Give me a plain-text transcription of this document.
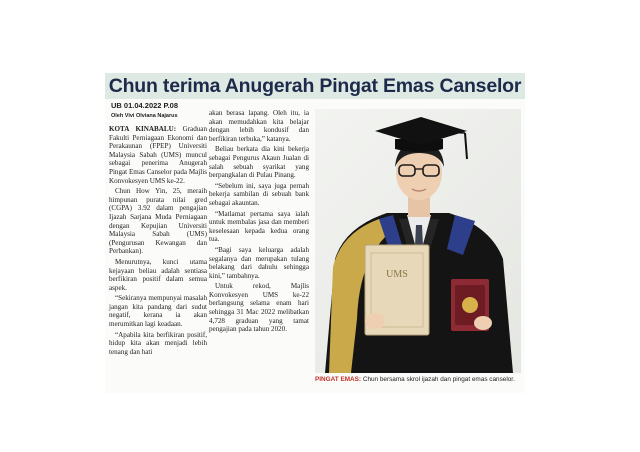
Chun terima Anugerah Pingat Emas Canselor
UB 01.04.2022 P.08
Oleh Vivi Olviana Najarus

KOTA KINABALU: Graduan Fakulti Perniagaan Ekonomi dan Perakaunan (FPEP) Universiti Malaysia Sabah (UMS) muncul sebagai penerima Anugerah Pingat Emas Canselor pada Majlis Konvokesyen UMS ke-22.

Chun How Yin, 25, meraih himpunan purata nilai gred (CGPA) 3.92 dalam pengajian Ijazah Sarjana Muda Perniagaan dengan Kepujian Universiti Malaysia Sabah (UMS) (Pengurusan Kewangan dan Perbankan).

Menurutnya, kunci utama kejayaan beliau adalah sentiasa berfikiran positif dalam semua aspek.

“Sekiranya mempunyai masalah jangan kita pandang dari sudut negatif, kerana ia akan merumitkan lagi keadaan.

“Apabila kita berfikiran positif, hidup kita akan menjadi lebih tenang dan hati

akan berasa lapang. Oleh itu, ia akan memudahkan kita belajar dengan lebih kondusif dan berfikiran terbuka,” katanya.

Beliau berkata dia kini bekerja sebagai Pengurus Akaun Jualan di salah sebuah syarikat yang berpangkalan di Pulau Pinang.

“Sebelum ini, saya juga pernah bekerja sambilan di sebuah bank sebagai akauntan.

“Matlamat pertama saya ialah untuk membalas jasa dan memberi keselesaan kepada kedua orang tua.

“Bagi saya keluarga adalah segalanya dan merupakan tulang belakang dari dahulu sehingga kini,” tambahnya.

Untuk rekod, Majlis Konvokesyen UMS ke-22 berlangsung selama enam hari sehingga 31 Mac 2022 melibatkan 4,728 graduan yang tamat pengajian pada tahun 2020.

UMS
PINGAT EMAS: Chun bersama skrol ijazah dan pingat emas canselor.
